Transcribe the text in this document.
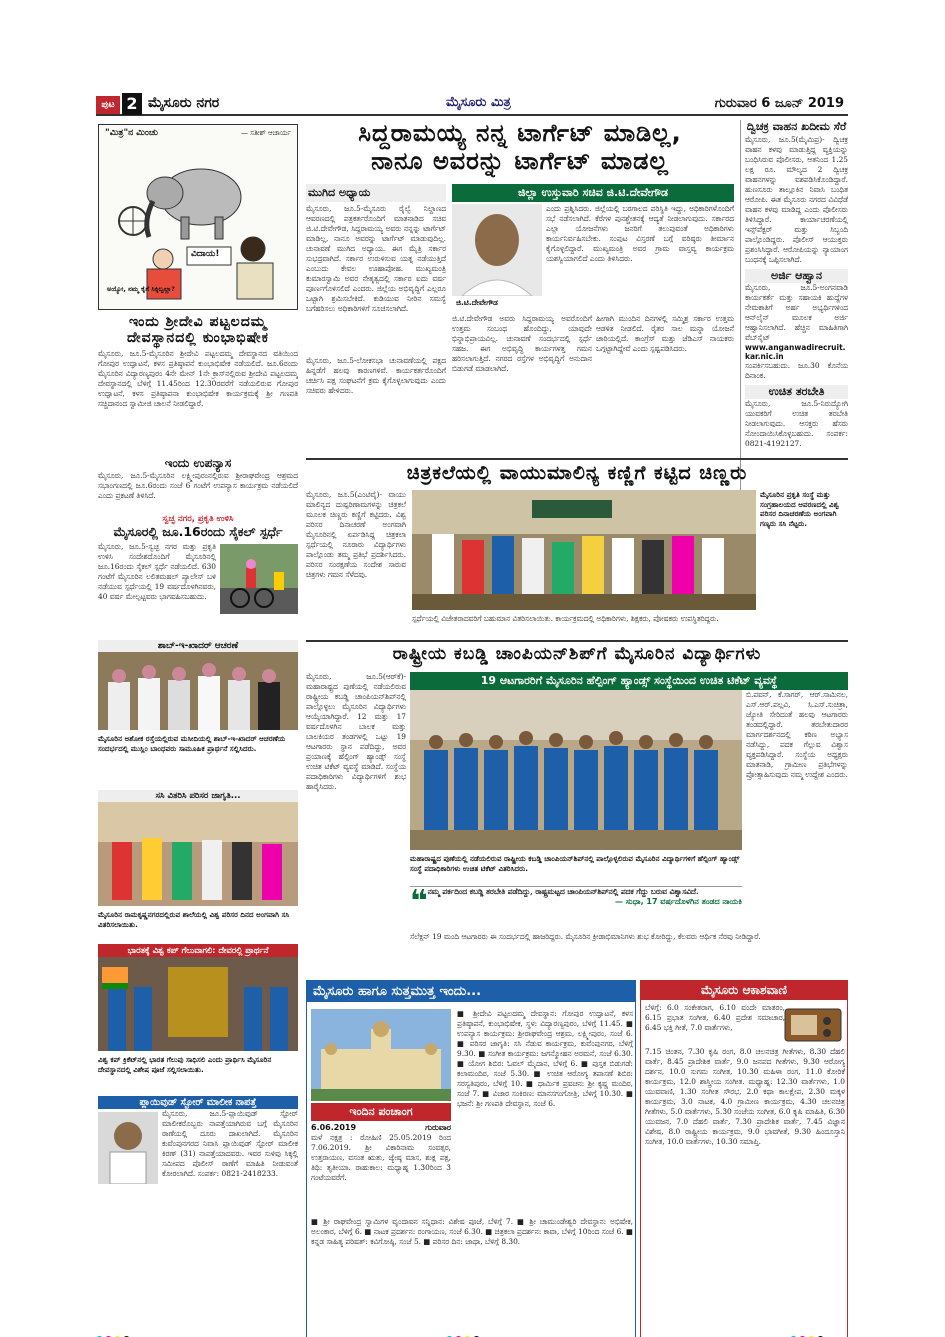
ಪುಟ 2 ಮೈಸೂರು ನಗರ	ಮೈಸೂರು ಮಿತ್ರ	ಗುರುವಾರ 6 ಜೂನ್ 2019
"ಮಿತ್ರ"ನ ಮಿಂಚು	— ಸತೀಶ್ ಆಚಾರ್ಯ
ವಿದಾಯ!
ಅಯ್ಯೋ, ನಮ್ಮ ಕೈಗೆ ಸಿಕ್ಕಿಲ್ವಲ್ಲಾ?
ಇಂದು ಶ್ರೀದೇವಿ ಪಟ್ಟಲದಮ್ಮ
ದೇವಸ್ಥಾನದಲ್ಲಿ ಕುಂಭಾಭಿಷೇಕ
ಮೈಸೂರು, ಜೂ.5-ಮೈಸೂರಿನ ಶ್ರೀದೇವಿ ಪಟ್ಟಲದಮ್ಮ ದೇವಸ್ಥಾನದ ವತಿಯಿಂದ ಗೋಪುರ ಉದ್ಘಾಟನೆ, ಕಳಸ ಪ್ರತಿಷ್ಠಾಪನೆ ಕುಂಭಾಭಿಷೇಕ ನಡೆಯಲಿದೆ. ಜೂ.6ರಂದು ಮೈಸೂರಿನ ವಿದ್ಯಾರಣ್ಯಪುರಂ 4ನೇ ಮೇನ್ 1ನೇ ಕ್ರಾಸ್‌ನಲ್ಲಿರುವ ಶ್ರೀದೇವಿ ಪಟ್ಟಲದಮ್ಮ ದೇವಸ್ಥಾನದಲ್ಲಿ ಬೆಳಿಗ್ಗೆ 11.45ರಿಂದ 12.30ರವರೆಗೆ ನಡೆಯಲಿರುವ ಗೋಪುರ ಉದ್ಘಾಟನೆ, ಕಳಸ ಪ್ರತಿಷ್ಠಾಪನಾ ಕುಂಭಾಭಿಷೇಕ ಕಾರ್ಯಕ್ರಮಕ್ಕೆ ಶ್ರೀ ಗಣಪತಿ ಸಚ್ಚಿದಾನಂದ ಸ್ವಾಮೀಜಿ ಚಾಲನೆ ನೀಡಲಿದ್ದಾರೆ.
ಇಂದು ಉಪನ್ಯಾಸ
ಮೈಸೂರು, ಜೂ.5-ಮೈಸೂರಿನ ಲಕ್ಷ್ಮೀಪುರಂನಲ್ಲಿರುವ ಶ್ರೀರಾಘವೇಂದ್ರ ಆಶ್ರಮದ ಸಭಾಂಗಣದಲ್ಲಿ ಜೂ.6ರಂದು ಸಂಜೆ 6 ಗಂಟೆಗೆ ಉಪನ್ಯಾಸ ಕಾರ್ಯಕ್ರಮ ನಡೆಯಲಿದೆ ಎಂದು ಪ್ರಕಟಣೆ ತಿಳಿಸಿದೆ.
ಸ್ವಚ್ಛ ನಗರ, ಪ್ರಕೃತಿ ಉಳಿಸಿ
ಮೈಸೂರಲ್ಲಿ ಜೂ.16ರಂದು ಸೈಕಲ್ ಸ್ಪರ್ಧೆ
ಮೈಸೂರು, ಜೂ.5-ಸ್ವಚ್ಛ ನಗರ ಮತ್ತು ಪ್ರಕೃತಿ ಉಳಿಸಿ ಸಂದೇಶದೊಂದಿಗೆ ಮೈಸೂರಿನಲ್ಲಿ ಜೂ.16ರಂದು ಸೈಕಲ್ ಸ್ಪರ್ಧೆ ನಡೆಯಲಿದೆ. 630 ಗಂಟೆಗೆ ಮೈಸೂರಿನ ಲಲಿತಮಹಲ್ ಪ್ಯಾಲೇಸ್ ಬಳಿ ನಡೆಯುವ ಸ್ಪರ್ಧೆಯಲ್ಲಿ 19 ವರ್ಷದೊಳಗಿನವರು, 40 ವರ್ಷ ಮೇಲ್ಪಟ್ಟವರು ಭಾಗವಹಿಸಬಹುದು.
ಶಾಬ್-ಇ-ಖಾದರ್ ಆಚರಣೆ
ಮೈಸೂರಿನ ಅಶೋಕ ರಸ್ತೆಯಲ್ಲಿರುವ ಮಸೀದಿಯಲ್ಲಿ ಶಾಬ್-ಇ-ಖಾದರ್ ಆಚರಣೆಯ ಸಂದರ್ಭದಲ್ಲಿ ಮುಸ್ಲಿಂ ಬಾಂಧವರು ಸಾಮೂಹಿಕ ಪ್ರಾರ್ಥನೆ ಸಲ್ಲಿಸಿದರು.
ಸಸಿ ವಿತರಿಸಿ ಪರಿಸರ ಜಾಗೃತಿ...
ಮೈಸೂರಿನ ರಾಮಕೃಷ್ಣನಗರದಲ್ಲಿರುವ ಶಾಲೆಯಲ್ಲಿ ವಿಶ್ವ ಪರಿಸರ ದಿನದ ಅಂಗವಾಗಿ ಸಸಿ ವಿತರಿಸಲಾಯಿತು.
ಭಾರತಕ್ಕೆ ವಿಶ್ವ ಕಪ್ ಗೆಲುವಾಗಲಿ: ದೇವರಲ್ಲಿ ಪ್ರಾರ್ಥನೆ
ವಿಶ್ವ ಕಪ್ ಕ್ರಿಕೆಟ್‌ನಲ್ಲಿ ಭಾರತ ಗೆಲುವು ಸಾಧಿಸಲಿ ಎಂದು ಪ್ರಾರ್ಥಿಸಿ ಮೈಸೂರಿನ ದೇವಸ್ಥಾನದಲ್ಲಿ ವಿಶೇಷ ಪೂಜೆ ಸಲ್ಲಿಸಲಾಯಿತು.
ಪ್ಲಾಯಿವುಡ್ ಸ್ಟೋರ್ ಮಾಲೀಕ ನಾಪತ್ತೆ
ಮೈಸೂರು, ಜೂ.5-ಪ್ಲಾಯಿವುಡ್ ಸ್ಟೋರ್ ಮಾಲೀಕರೊಬ್ಬರು ನಾಪತ್ತೆಯಾಗಿರುವ ಬಗ್ಗೆ ಮೈಸೂರಿನ ಠಾಣೆಯಲ್ಲಿ ದೂರು ದಾಖಲಾಗಿದೆ. ಮೈಸೂರಿನ ಕುವೆಂಪುನಗರದ ನಿವಾಸಿ ಪ್ಲಾಯಿವುಡ್ ಸ್ಟೋರ್ ಮಾಲೀಕ ಕಿರಣ್ (31) ನಾಪತ್ತೆಯಾದವರು. ಇವರ ಸುಳಿವು ಸಿಕ್ಕಲ್ಲಿ ಸಮೀಪದ ಪೊಲೀಸ್ ಠಾಣೆಗೆ ಮಾಹಿತಿ ನೀಡುವಂತೆ ಕೋರಲಾಗಿದೆ. ಸಂಪರ್ಕ: 0821-2418233.
ಸಿದ್ದರಾಮಯ್ಯ ನನ್ನ ಟಾರ್ಗೆಟ್ ಮಾಡಿಲ್ಲ,
ನಾನೂ ಅವರನ್ನು ಟಾರ್ಗೆಟ್ ಮಾಡಲ್ಲ
ಮುಗಿದ ಅಧ್ಯಾಯ
ಮೈಸೂರು, ಜೂ.5-ಮೈಸೂರು ರೈಲ್ವೆ ನಿಲ್ದಾಣದ ಆವರಣದಲ್ಲಿ ಪತ್ರಕರ್ತರೊಂದಿಗೆ ಮಾತನಾಡಿದ ಸಚಿವ ಜಿ.ಟಿ.ದೇವೇಗೌಡ, ಸಿದ್ದರಾಮಯ್ಯ ಅವರು ನನ್ನನ್ನು ಟಾರ್ಗೆಟ್ ಮಾಡಿಲ್ಲ, ನಾನೂ ಅವರನ್ನು ಟಾರ್ಗೆಟ್ ಮಾಡುವುದಿಲ್ಲ. ಚುನಾವಣೆ ಮುಗಿದ ಅಧ್ಯಾಯ. ಈಗ ಮೈತ್ರಿ ಸರ್ಕಾರ ಸುಭದ್ರವಾಗಿದೆ. ಸರ್ಕಾರ ಉರುಳಿಸುವ ಯತ್ನ ನಡೆಯುತ್ತಿದೆ ಎಂಬುದು ಕೇವಲ ಊಹಾಪೋಹ. ಮುಖ್ಯಮಂತ್ರಿ ಕುಮಾರಸ್ವಾಮಿ ಅವರ ನೇತೃತ್ವದಲ್ಲಿ ಸರ್ಕಾರ ಐದು ವರ್ಷ ಪೂರ್ಣಗೊಳಿಸಲಿದೆ ಎಂದರು. ಜಿಲ್ಲೆಯ ಅಭಿವೃದ್ಧಿಗೆ ಎಲ್ಲರೂ ಒಟ್ಟಾಗಿ ಶ್ರಮಿಸಬೇಕಿದೆ. ಕುಡಿಯುವ ನೀರಿನ ಸಮಸ್ಯೆ ಬಗೆಹರಿಸಲು ಅಧಿಕಾರಿಗಳಿಗೆ ಸೂಚಿಸಲಾಗಿದೆ.
ಜಿಲ್ಲಾ ಉಸ್ತುವಾರಿ ಸಚಿವ ಜಿ.ಟಿ.ದೇವೇಗೌಡ
ಎಂದು ಪ್ರಶ್ನಿಸಿದರು. ಜಿಲ್ಲೆಯಲ್ಲಿ ಬರಗಾಲದ ಪರಿಸ್ಥಿತಿ ಇದ್ದು, ಅಧಿಕಾರಿಗಳೊಂದಿಗೆ ಸಭೆ ನಡೆಸಲಾಗಿದೆ. ಕೆರೆಗಳ ಪುನಶ್ಚೇತನಕ್ಕೆ ಆದ್ಯತೆ ನೀಡಲಾಗುವುದು. ಸರ್ಕಾರದ ಎಲ್ಲಾ ಯೋಜನೆಗಳು ಜನರಿಗೆ ತಲುಪುವಂತೆ ಅಧಿಕಾರಿಗಳು ಕಾರ್ಯನಿರ್ವಹಿಸಬೇಕು. ಸಂಪುಟ ವಿಸ್ತರಣೆ ಬಗ್ಗೆ ವರಿಷ್ಠರು ತೀರ್ಮಾನ ಕೈಗೊಳ್ಳಲಿದ್ದಾರೆ. ಮುಖ್ಯಮಂತ್ರಿ ಅವರ ಗ್ರಾಮ ವಾಸ್ತವ್ಯ ಕಾರ್ಯಕ್ರಮ ಯಶಸ್ವಿಯಾಗಲಿದೆ ಎಂದು ತಿಳಿಸಿದರು.
ಜಿ.ಟಿ.ದೇವೇಗೌಡ
ಮೈಸೂರು, ಜೂ.5-ಲೋಕಸಭಾ ಚುನಾವಣೆಯಲ್ಲಿ ಪಕ್ಷದ ಹಿನ್ನಡೆಗೆ ಹಲವು ಕಾರಣಗಳಿವೆ. ಕಾರ್ಯಕರ್ತರೊಂದಿಗೆ ಚರ್ಚಿಸಿ ಪಕ್ಷ ಸಂಘಟನೆಗೆ ಕ್ರಮ ಕೈಗೊಳ್ಳಲಾಗುವುದು ಎಂದು ಸಚಿವರು ಹೇಳಿದರು.
ಜಿ.ಟಿ.ದೇವೇಗೌಡ ಅವರು ಸಿದ್ದರಾಮಯ್ಯ ಅವರೊಂದಿಗೆ ಉತ್ತಮ ಸಂಬಂಧ ಹೊಂದಿದ್ದು, ಯಾವುದೇ ಭಿನ್ನಾಭಿಪ್ರಾಯವಿಲ್ಲ. ಚುನಾವಣೆ ಸಂದರ್ಭದಲ್ಲಿ ಸ್ಪರ್ಧೆ ಸಹಜ. ಈಗ ಅಭಿವೃದ್ಧಿ ಕಾರ್ಯಗಳತ್ತ ಗಮನ ಹರಿಸಲಾಗುತ್ತಿದೆ. ನಗರದ ರಸ್ತೆಗಳ ಅಭಿವೃದ್ಧಿಗೆ ಅನುದಾನ ಬಿಡುಗಡೆ ಮಾಡಲಾಗಿದೆ.
ಹೀಗಾಗಿ ಮುಂದಿನ ದಿನಗಳಲ್ಲಿ ಸಮ್ಮಿಶ್ರ ಸರ್ಕಾರ ಉತ್ತಮ ಆಡಳಿತ ನೀಡಲಿದೆ. ರೈತರ ಸಾಲ ಮನ್ನಾ ಯೋಜನೆ ಜಾರಿಯಲ್ಲಿದೆ. ಕಾಂಗ್ರೆಸ್ ಮತ್ತು ಜೆಡಿಎಸ್ ನಾಯಕರು ಒಗ್ಗಟ್ಟಾಗಿದ್ದೇವೆ ಎಂದು ಸ್ಪಷ್ಟಪಡಿಸಿದರು.
ದ್ವಿಚಕ್ರ ವಾಹನ ಖದೀಮ ಸೆರೆ
ಮೈಸೂರು, ಜೂ.5(ಮೈಮಿಪ್ರ)- ದ್ವಿಚಕ್ರ ವಾಹನ ಕಳವು ಮಾಡುತ್ತಿದ್ದ ವ್ಯಕ್ತಿಯನ್ನು ಬಂಧಿಸಿರುವ ಪೊಲೀಸರು, ಆತನಿಂದ 1.25 ಲಕ್ಷ ರೂ. ಮೌಲ್ಯದ 2 ದ್ವಿಚಕ್ರ ವಾಹನಗಳನ್ನು ವಶಪಡಿಸಿಕೊಂಡಿದ್ದಾರೆ. ಹುಣಸೂರು ತಾಲ್ಲೂಕಿನ ನಿವಾಸಿ ಬಂಧಿತ ಆರೋಪಿ. ಈತ ಮೈಸೂರು ನಗರದ ವಿವಿಧೆಡೆ ವಾಹನ ಕಳವು ಮಾಡಿದ್ದ ಎಂದು ಪೊಲೀಸರು ತಿಳಿಸಿದ್ದಾರೆ. ಕಾರ್ಯಾಚರಣೆಯಲ್ಲಿ ಇನ್ಸ್‌ಪೆಕ್ಟರ್ ಮತ್ತು ಸಿಬ್ಬಂದಿ ಪಾಲ್ಗೊಂಡಿದ್ದರು. ಪೊಲೀಸ್ ಆಯುಕ್ತರು ಪ್ರಶಂಸಿಸಿದ್ದಾರೆ. ಆರೋಪಿಯನ್ನು ನ್ಯಾಯಾಂಗ ಬಂಧನಕ್ಕೆ ಒಪ್ಪಿಸಲಾಗಿದೆ.
ಅರ್ಜಿ ಆಹ್ವಾನ
ಮೈಸೂರು, ಜೂ.5-ಅಂಗನವಾಡಿ ಕಾರ್ಯಕರ್ತೆ ಮತ್ತು ಸಹಾಯಕಿ ಹುದ್ದೆಗಳ ನೇಮಕಾತಿಗೆ ಅರ್ಹ ಅಭ್ಯರ್ಥಿಗಳಿಂದ ಆನ್‌ಲೈನ್ ಮೂಲಕ ಅರ್ಜಿ ಆಹ್ವಾನಿಸಲಾಗಿದೆ. ಹೆಚ್ಚಿನ ಮಾಹಿತಿಗಾಗಿ ವೆಬ್‌ಸೈಟ್
www.anganwadirecruit.kar.nic.in
ಸಂಪರ್ಕಿಸಬಹುದು. ಜೂ.30 ಕೊನೆಯ ದಿನಾಂಕ.
ಉಚಿತ ತರಬೇತಿ
ಮೈಸೂರು, ಜೂ.5-ನಿರುದ್ಯೋಗಿ ಯುವಕರಿಗೆ ಉಚಿತ ತರಬೇತಿ ನೀಡಲಾಗುವುದು. ಆಸಕ್ತರು ಹೆಸರು ನೋಂದಾಯಿಸಿಕೊಳ್ಳಬಹುದು. ಸಂಪರ್ಕ: 0821-4192127.
ಚಿತ್ರಕಲೆಯಲ್ಲಿ ವಾಯುಮಾಲಿನ್ಯ ಕಣ್ಣಿಗೆ ಕಟ್ಟಿದ ಚಿಣ್ಣರು
ಮೈಸೂರು, ಜೂ.5(ಎಂಟಿವೈ)- ವಾಯು ಮಾಲಿನ್ಯದ ದುಷ್ಪರಿಣಾಮಗಳನ್ನು ಚಿತ್ರಕಲೆ ಮೂಲಕ ಚಿಣ್ಣರು ಕಣ್ಣಿಗೆ ಕಟ್ಟಿದರು. ವಿಶ್ವ ಪರಿಸರ ದಿನಾಚರಣೆ ಅಂಗವಾಗಿ ಮೈಸೂರಿನಲ್ಲಿ ಏರ್ಪಡಿಸಿದ್ದ ಚಿತ್ರಕಲಾ ಸ್ಪರ್ಧೆಯಲ್ಲಿ ನೂರಾರು ವಿದ್ಯಾರ್ಥಿಗಳು ಪಾಲ್ಗೊಂಡು ತಮ್ಮ ಪ್ರತಿಭೆ ಪ್ರದರ್ಶಿಸಿದರು. ಪರಿಸರ ಸಂರಕ್ಷಣೆಯ ಸಂದೇಶ ಸಾರುವ ಚಿತ್ರಗಳು ಗಮನ ಸೆಳೆದವು.
ಮೈಸೂರಿನ ಪ್ರಕೃತಿ ಸಂಸ್ಥೆ ಮತ್ತು ಸಂಗ್ರಹಾಲಯದ ಆವರಣದಲ್ಲಿ ವಿಶ್ವ ಪರಿಸರ ದಿನಾಚರಣೆಯ ಅಂಗವಾಗಿ ಗಣ್ಯರು ಸಸಿ ನೆಟ್ಟರು.
ಸ್ಪರ್ಧೆಯಲ್ಲಿ ವಿಜೇತರಾದವರಿಗೆ ಬಹುಮಾನ ವಿತರಿಸಲಾಯಿತು. ಕಾರ್ಯಕ್ರಮದಲ್ಲಿ ಅಧಿಕಾರಿಗಳು, ಶಿಕ್ಷಕರು, ಪೋಷಕರು ಉಪಸ್ಥಿತರಿದ್ದರು.
ರಾಷ್ಟ್ರೀಯ ಕಬಡ್ಡಿ ಚಾಂಪಿಯನ್‌ಶಿಪ್‌ಗೆ ಮೈಸೂರಿನ ವಿದ್ಯಾರ್ಥಿಗಳು
ಮೈಸೂರು, ಜೂ.5(ಆರ್‌ಕೆ)- ಮಹಾರಾಷ್ಟ್ರದ ಪುಣೆಯಲ್ಲಿ ನಡೆಯಲಿರುವ ರಾಷ್ಟ್ರೀಯ ಕಬಡ್ಡಿ ಚಾಂಪಿಯನ್‌ಶಿಪ್‌ನಲ್ಲಿ ಪಾಲ್ಗೊಳ್ಳಲು ಮೈಸೂರಿನ ವಿದ್ಯಾರ್ಥಿಗಳು ಆಯ್ಕೆಯಾಗಿದ್ದಾರೆ. 12 ಮತ್ತು 17 ವರ್ಷದೊಳಗಿನ ಬಾಲಕ ಮತ್ತು ಬಾಲಕಿಯರ ತಂಡಗಳಲ್ಲಿ ಒಟ್ಟು 19 ಆಟಗಾರರು ಸ್ಥಾನ ಪಡೆದಿದ್ದು, ಅವರ ಪ್ರಯಾಣಕ್ಕೆ ಹೆಲ್ಪಿಂಗ್ ಹ್ಯಾಂಡ್ಸ್ ಸಂಸ್ಥೆ ಉಚಿತ ಟಿಕೆಟ್ ವ್ಯವಸ್ಥೆ ಮಾಡಿದೆ. ಸಂಸ್ಥೆಯ ಪದಾಧಿಕಾರಿಗಳು ವಿದ್ಯಾರ್ಥಿಗಳಿಗೆ ಶುಭ ಹಾರೈಸಿದರು.
19 ಆಟಗಾರರಿಗೆ ಮೈಸೂರಿನ ಹೆಲ್ಪಿಂಗ್ ಹ್ಯಾಂಡ್ಸ್ ಸಂಸ್ಥೆಯಿಂದ ಉಚಿತ ಟಿಕೆಟ್ ವ್ಯವಸ್ಥೆ
ಬಿ.ಪವನ್, ಕೆ.ಸಾಗರ್, ಆರ್.ಸಾಮಿನಲ, ಎಸ್.ಆರ್.ಪಲ್ಲವಿ, ಸಿ.ಎಸ್.ಸುಚಿತ್ರಾ, ಜ್ಯೋತಿ ಸೇರಿದಂತೆ ಹಲವು ಆಟಗಾರರು ತಂಡದಲ್ಲಿದ್ದಾರೆ. ತರಬೇತುದಾರರ ಮಾರ್ಗದರ್ಶನದಲ್ಲಿ ಕಠಿಣ ಅಭ್ಯಾಸ ನಡೆಸಿದ್ದು, ಪದಕ ಗೆಲ್ಲುವ ವಿಶ್ವಾಸ ವ್ಯಕ್ತಪಡಿಸಿದ್ದಾರೆ. ಸಂಸ್ಥೆಯ ಅಧ್ಯಕ್ಷರು ಮಾತನಾಡಿ, ಗ್ರಾಮೀಣ ಪ್ರತಿಭೆಗಳನ್ನು ಪ್ರೋತ್ಸಾಹಿಸುವುದು ನಮ್ಮ ಉದ್ದೇಶ ಎಂದರು.
ಮಹಾರಾಷ್ಟ್ರದ ಪುಣೆಯಲ್ಲಿ ನಡೆಯಲಿರುವ ರಾಷ್ಟ್ರೀಯ ಕಬಡ್ಡಿ ಚಾಂಪಿಯನ್‌ಶಿಪ್‌ನಲ್ಲಿ ಪಾಲ್ಗೊಳ್ಳಲಿರುವ ಮೈಸೂರಿನ ವಿದ್ಯಾರ್ಥಿಗಳಿಗೆ ಹೆಲ್ಪಿಂಗ್ ಹ್ಯಾಂಡ್ಸ್ ಸಂಸ್ಥೆ ಪದಾಧಿಕಾರಿಗಳು ಉಚಿತ ಟಿಕೆಟ್ ವಿತರಿಸಿದರು.
❝ ನಮ್ಮ ಪರ್ಕದಿಂದ ಕಬಡ್ಡಿ ತರಬೇತಿ ಪಡೆದಿದ್ದು, ರಾಷ್ಟ್ರಮಟ್ಟದ ಚಾಂಪಿಯನ್‌ಶಿಪ್‌ನಲ್ಲಿ ಪದಕ ಗೆದ್ದು ಬರುವ ವಿಶ್ವಾಸವಿದೆ.
— ಸುಧಾ, 17 ವರ್ಷದೊಳಗಿನ ತಂಡದ ನಾಯಕಿ
ಸೆಲೆಕ್ಷನ್ 19 ಮಂದಿ ಆಟಗಾರರು ಈ ಸಂದರ್ಭದಲ್ಲಿ ಹಾಜರಿದ್ದರು. ಮೈಸೂರಿನ ಕ್ರೀಡಾಭಿಮಾನಿಗಳು ಶುಭ ಕೋರಿದ್ದು, ಕೆಲವರು ಆರ್ಥಿಕ ನೆರವು ನೀಡಿದ್ದಾರೆ.
ಮೈಸೂರು ಹಾಗೂ ಸುತ್ತಮುತ್ತ ಇಂದು...
ಇಂದಿನ ಪಂಚಾಂಗ
6.06.2019	ಗುರುವಾರ
ಮಳೆ ನಕ್ಷತ್ರ : ರೋಹಿಣಿ 25.05.2019 ರಿಂದ 7.06.2019. ಶ್ರೀ ವಿಕಾರಿನಾಮ ಸಂವತ್ಸರ, ಉತ್ತರಾಯಣ, ವಸಂತ ಋತು, ಜ್ಯೇಷ್ಠ ಮಾಸ, ಶುಕ್ಲ ಪಕ್ಷ, ತಿಥಿ: ತೃತೀಯಾ. ರಾಹುಕಾಲ: ಮಧ್ಯಾಹ್ನ 1.30ರಿಂದ 3 ಗಂಟೆಯವರೆಗೆ.
■ ಶ್ರೀದೇವಿ ಪಟ್ಟಲದಮ್ಮ ದೇವಸ್ಥಾನ: ಗೋಪುರ ಉದ್ಘಾಟನೆ, ಕಳಸ ಪ್ರತಿಷ್ಠಾಪನೆ, ಕುಂಭಾಭಿಷೇಕ, ಸ್ಥಳ: ವಿದ್ಯಾರಣ್ಯಪುರಂ, ಬೆಳಿಗ್ಗೆ 11.45. ■ ಉಪನ್ಯಾಸ ಕಾರ್ಯಕ್ರಮ: ಶ್ರೀರಾಘವೇಂದ್ರ ಆಶ್ರಮ, ಲಕ್ಷ್ಮೀಪುರಂ, ಸಂಜೆ 6. ■ ಪರಿಸರ ಜಾಗೃತಿ: ಸಸಿ ನೆಡುವ ಕಾರ್ಯಕ್ರಮ, ಕುವೆಂಪುನಗರ, ಬೆಳಿಗ್ಗೆ 9.30. ■ ಸಂಗೀತ ಕಾರ್ಯಕ್ರಮ: ಜಗನ್ಮೋಹನ ಅರಮನೆ, ಸಂಜೆ 6.30. ■ ಯೋಗ ಶಿಬಿರ: ಓವಲ್ ಮೈದಾನ, ಬೆಳಿಗ್ಗೆ 6. ■ ಪುಸ್ತಕ ಬಿಡುಗಡೆ: ಕಲಾಮಂದಿರ, ಸಂಜೆ 5.30. ■ ಉಚಿತ ಆರೋಗ್ಯ ತಪಾಸಣೆ ಶಿಬಿರ: ಸರಸ್ವತಿಪುರಂ, ಬೆಳಿಗ್ಗೆ 10. ■ ಧಾರ್ಮಿಕ ಪ್ರವಚನ: ಶ್ರೀ ಕೃಷ್ಣ ಮಂದಿರ, ಸಂಜೆ 7. ■ ವಿಚಾರ ಸಂಕಿರಣ: ಮಾನಸಗಂಗೋತ್ರಿ, ಬೆಳಿಗ್ಗೆ 10.30. ■ ಭಜನೆ: ಶ್ರೀ ಗಣಪತಿ ದೇವಸ್ಥಾನ, ಸಂಜೆ 6.
■ ಶ್ರೀ ರಾಘವೇಂದ್ರ ಸ್ವಾಮಿಗಳ ವೃಂದಾವನ ಸನ್ನಿಧಾನ: ವಿಶೇಷ ಪೂಜೆ, ಬೆಳಿಗ್ಗೆ 7. ■ ಶ್ರೀ ಚಾಮುಂಡೇಶ್ವರಿ ದೇವಸ್ಥಾನ: ಅಭಿಷೇಕ, ಅಲಂಕಾರ, ಬೆಳಿಗ್ಗೆ 6. ■ ನಾಟಕ ಪ್ರದರ್ಶನ: ರಂಗಾಯಣ, ಸಂಜೆ 6.30. ■ ಚಿತ್ರಕಲಾ ಪ್ರದರ್ಶನ: ಕಾವಾ, ಬೆಳಿಗ್ಗೆ 10ರಿಂದ ಸಂಜೆ 6. ■ ಕನ್ನಡ ಸಾಹಿತ್ಯ ಪರಿಷತ್: ಕವಿಗೋಷ್ಠಿ, ಸಂಜೆ 5. ■ ಪರಿಸರ ದಿನ: ಜಾಥಾ, ಬೆಳಿಗ್ಗೆ 8.30.
ಮೈಸೂರು ಆಕಾಶವಾಣಿ
ಬೆಳಿಗ್ಗೆ: 6.0 ಸಂಕೇತರಾಗ, 6.10 ವಂದೇ ಮಾತರಂ, 6.15 ಪ್ರಭಾತ ಸಂಗೀತ, 6.40 ಪ್ರದೇಶ ಸಮಾಚಾರ, 6.45 ಭಕ್ತಿ ಗೀತೆ, 7.0 ವಾರ್ತೆಗಳು,
7.15 ಚಿಂತನ, 7.30 ಕೃಷಿ ರಂಗ, 8.0 ಚಲನಚಿತ್ರ ಗೀತೆಗಳು, 8.30 ದೆಹಲಿ ವಾರ್ತೆ, 8.45 ಪ್ರಾದೇಶಿಕ ವಾರ್ತೆ, 9.0 ಜನಪದ ಗೀತೆಗಳು, 9.30 ಆರೋಗ್ಯ ದರ್ಶನ, 10.0 ಸುಗಮ ಸಂಗೀತ, 10.30 ಮಹಿಳಾ ರಂಗ, 11.0 ಕೋರಿಕೆ ಕಾರ್ಯಕ್ರಮ, 12.0 ಶಾಸ್ತ್ರೀಯ ಸಂಗೀತ. ಮಧ್ಯಾಹ್ನ: 12.30 ವಾರ್ತೆಗಳು, 1.0 ಯುವವಾಣಿ, 1.30 ಸಂಗೀತ ಸೌರಭ, 2.0 ಕಥಾ ಕಾಲಕ್ಷೇಪ, 2.30 ಮಕ್ಕಳ ಕಾರ್ಯಕ್ರಮ, 3.0 ನಾಟಕ, 4.0 ಗ್ರಾಮೀಣ ಕಾರ್ಯಕ್ರಮ, 4.30 ಚಲನಚಿತ್ರ ಗೀತೆಗಳು, 5.0 ವಾರ್ತೆಗಳು, 5.30 ಸಂಜೆಯ ಸಂಗೀತ, 6.0 ಕೃಷಿ ಮಾಹಿತಿ, 6.30 ಯುವಜನ, 7.0 ದೆಹಲಿ ವಾರ್ತೆ, 7.30 ಪ್ರಾದೇಶಿಕ ವಾರ್ತೆ, 7.45 ವಿಜ್ಞಾನ ವಿಶೇಷ, 8.0 ರಾಷ್ಟ್ರೀಯ ಕಾರ್ಯಕ್ರಮ, 9.0 ಭಾವಗೀತೆ, 9.30 ಹಿಂದೂಸ್ತಾನಿ ಸಂಗೀತ, 10.0 ವಾರ್ತೆಗಳು, 10.30 ಸಮಾಪ್ತಿ.
